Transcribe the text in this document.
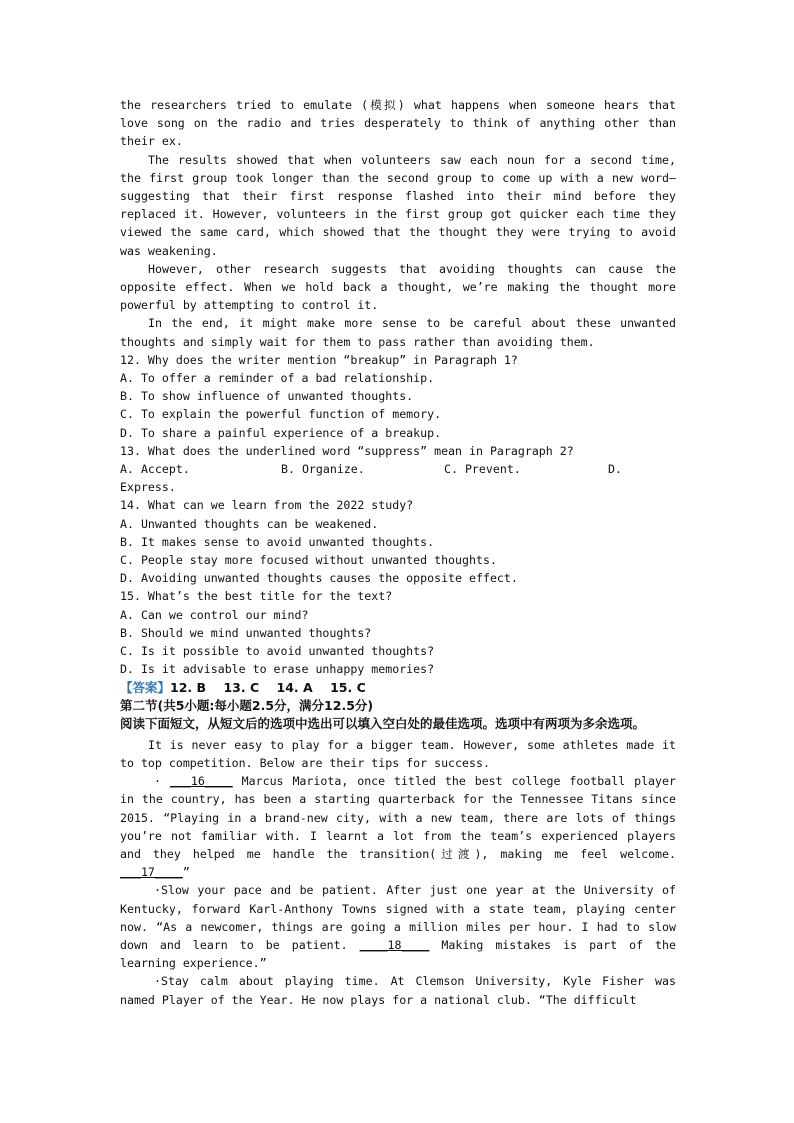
the researchers tried to emulate (模拟) what happens when someone hears that love song on the radio and tries desperately to think of anything other than their ex.

The results showed that when volunteers saw each noun for a second time, the first group took longer than the second group to come up with a new word—suggesting that their first response flashed into their mind before they replaced it. However, volunteers in the first group got quicker each time they viewed the same card, which showed that the thought they were trying to avoid was weakening.

However, other research suggests that avoiding thoughts can cause the opposite effect. When we hold back a thought, we’re making the thought more powerful by attempting to control it.

In the end, it might make more sense to be careful about these unwanted thoughts and simply wait for them to pass rather than avoiding them.

12. Why does the writer mention “breakup” in Paragraph 1?

A. To offer a reminder of a bad relationship.

B. To show influence of unwanted thoughts.

C. To explain the powerful function of memory.

D. To share a painful experience of a breakup.

13. What does the underlined word “suppress” mean in Paragraph 2?

A. Accept.	B. Organize.	C. Prevent.	D.

Express.

14. What can we learn from the 2022 study?

A. Unwanted thoughts can be weakened.

B. It makes sense to avoid unwanted thoughts.

C. People stay more focused without unwanted thoughts.

D. Avoiding unwanted thoughts causes the opposite effect.

15. What’s the best title for the text?

A. Can we control our mind?

B. Should we mind unwanted thoughts?

C. Is it possible to avoid unwanted thoughts?

D. Is it advisable to erase unhappy memories?

【答案】12. B    13. C    14. A    15. C

第二节(共5小题:每小题2.5分，满分12.5分)

阅读下面短文，从短文后的选项中选出可以填入空白处的最佳选项。选项中有两项为多余选项。

It is never easy to play for a bigger team. However, some athletes made it to top competition. Below are their tips for success.

· ___16____ Marcus Mariota, once titled the best college football player in the country, has been a starting quarterback for the Tennessee Titans since 2015. “Playing in a brand-new city, with a new team, there are lots of things you’re not familiar with. I learnt a lot from the team’s experienced players and they helped me handle the transition(过渡), making me feel welcome. ___17____”

·Slow your pace and be patient. After just one year at the University of Kentucky, forward Karl-Anthony Towns signed with a state team, playing center now. “As a newcomer, things are going a million miles per hour. I had to slow down and learn to be patient. ____18____ Making mistakes is part of the learning experience.”

·Stay calm about playing time. At Clemson University, Kyle Fisher was named Player of the Year. He now plays for a national club. “The difficult
